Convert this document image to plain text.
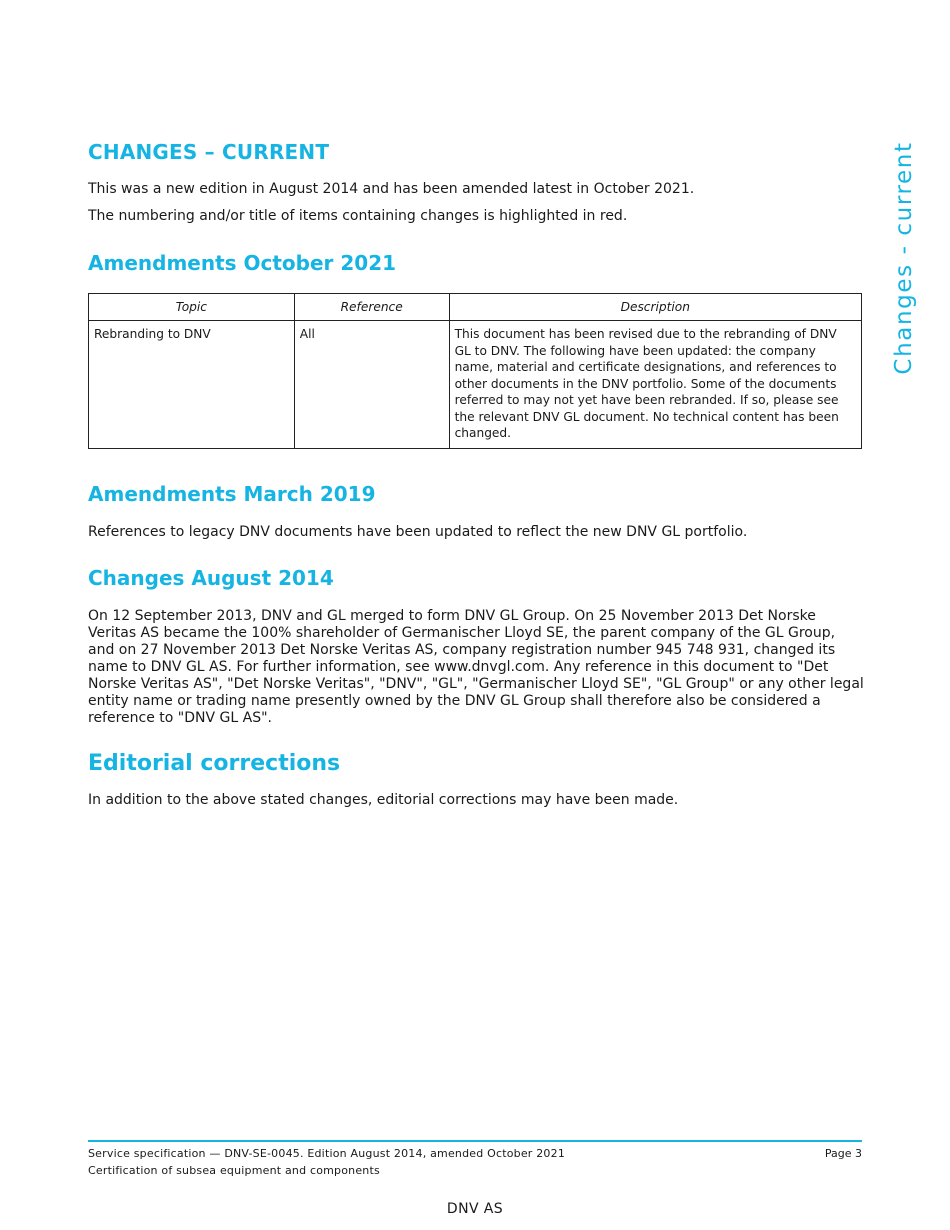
Changes - current
CHANGES – CURRENT

This was a new edition in August 2014 and has been amended latest in October 2021.

The numbering and/or title of items containing changes is highlighted in red.

Amendments October 2021
Topic	Reference	Description
Rebranding to DNV	All	This document has been revised due to the rebranding of DNV GL to DNV. The following have been updated: the company name, material and certificate designations, and references to other documents in the DNV portfolio. Some of the documents referred to may not yet have been rebranded. If so, please see the relevant DNV GL document. No technical content has been changed.
Amendments March 2019

References to legacy DNV documents have been updated to reflect the new DNV GL portfolio.

Changes August 2014

On 12 September 2013, DNV and GL merged to form DNV GL Group. On 25 November 2013 Det Norske Veritas AS became the 100% shareholder of Germanischer Lloyd SE, the parent company of the GL Group, and on 27 November 2013 Det Norske Veritas AS, company registration number 945 748 931, changed its name to DNV GL AS. For further information, see www.dnvgl.com. Any reference in this document to "Det Norske Veritas AS", "Det Norske Veritas", "DNV", "GL", "Germanischer Lloyd SE", "GL Group" or any other legal entity name or trading name presently owned by the DNV GL Group shall therefore also be considered a reference to "DNV GL AS".

Editorial corrections

In addition to the above stated changes, editorial corrections may have been made.

Service specification — DNV-SE-0045. Edition August 2014, amended October 2021	Page 3
Certification of subsea equipment and components
DNV AS
